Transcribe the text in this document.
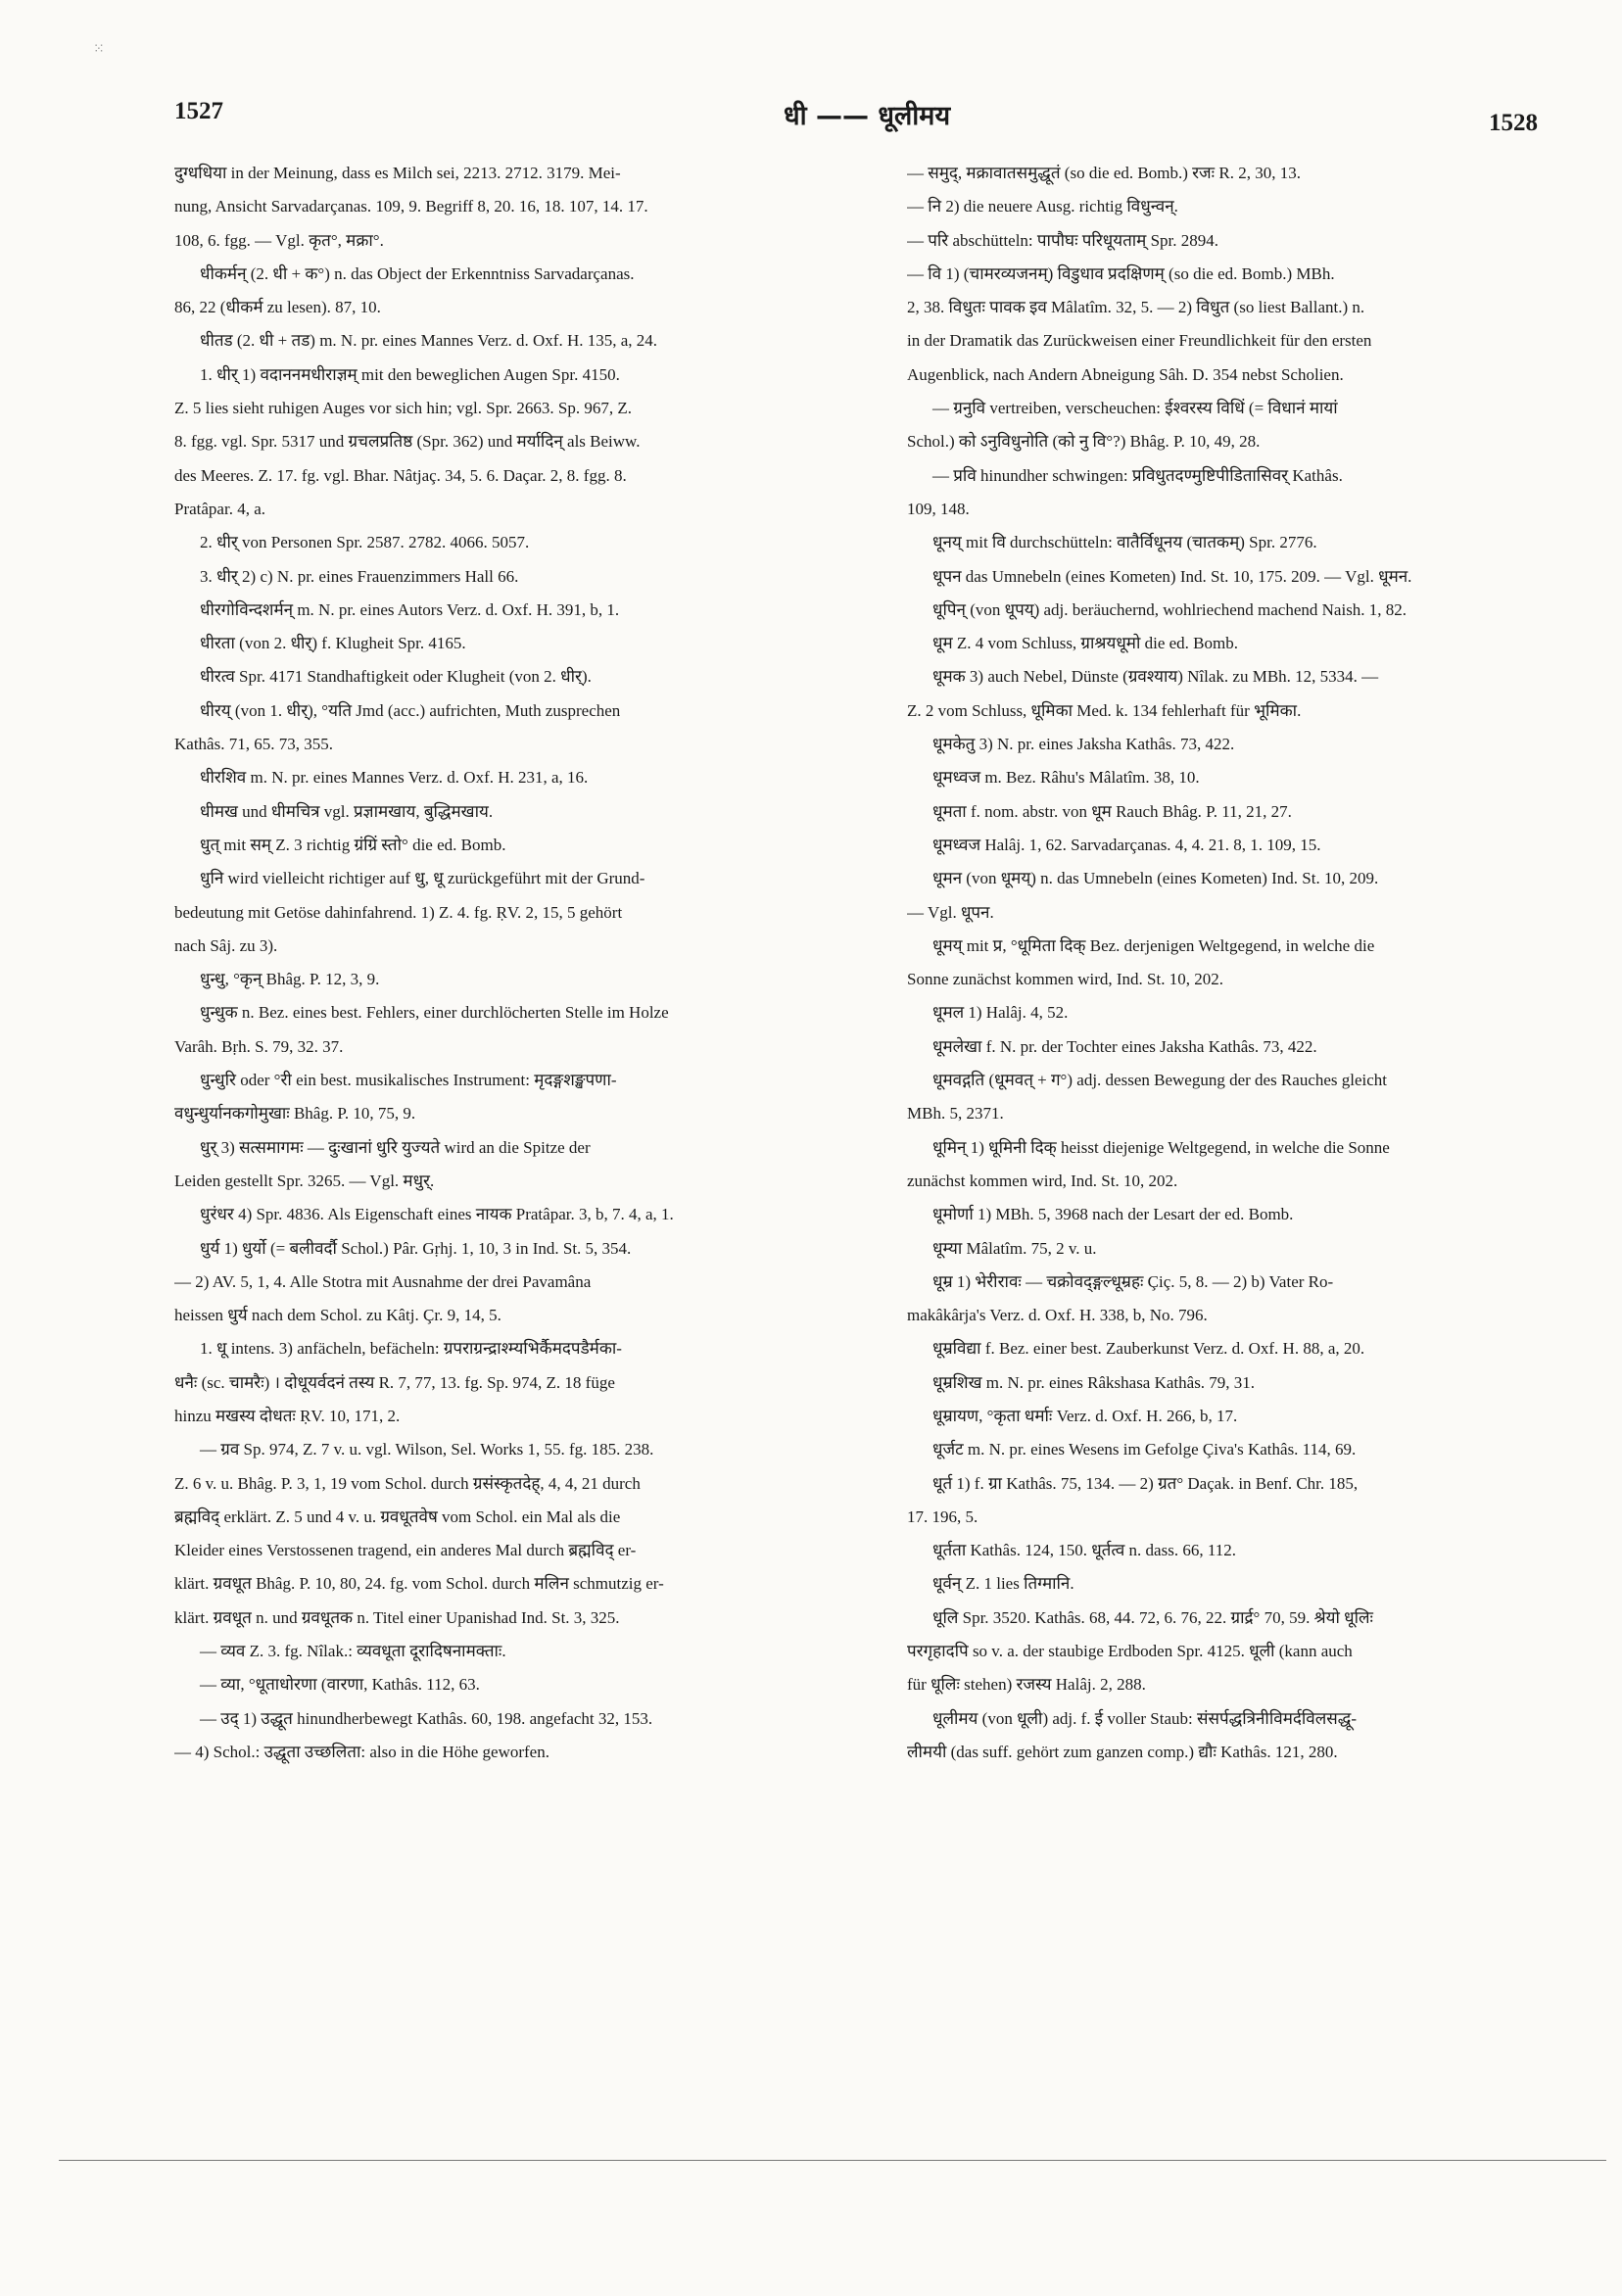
⁙
1527	धी —— धूलीमय	1528
दुग्धधिया in der Meinung, dass es Milch sei, 2213. 2712. 3179. Mei-
nung, Ansicht Sarvadarçanas. 109, 9. Begriff 8, 20. 16, 18. 107, 14. 17.
108, 6. fgg. — Vgl. कृत°, मक्रा°.
धीकर्मन् (2. धी + क°) n. das Object der Erkenntniss Sarvadarçanas.
86, 22 (धीकर्म zu lesen). 87, 10.
धीतड (2. धी + तड) m. N. pr. eines Mannes Verz. d. Oxf. H. 135, a, 24.
1. धीर् 1) वदाननमधीराज्ञम् mit den beweglichen Augen Spr. 4150.
Z. 5 lies sieht ruhigen Auges vor sich hin; vgl. Spr. 2663. Sp. 967, Z.
8. fgg. vgl. Spr. 5317 und ग्रचलप्रतिष्ठ (Spr. 362) und मर्यादिन् als Beiww.
des Meeres. Z. 17. fg. vgl. Bhar. Nâtjaç. 34, 5. 6. Daçar. 2, 8. fgg. 8.
Pratâpar. 4, a.
2. धीर् von Personen Spr. 2587. 2782. 4066. 5057.
3. धीर् 2) c) N. pr. eines Frauenzimmers Hall 66.
धीरगोविन्दशर्मन् m. N. pr. eines Autors Verz. d. Oxf. H. 391, b, 1.
धीरता (von 2. धीर्) f. Klugheit Spr. 4165.
धीरत्व Spr. 4171 Standhaftigkeit oder Klugheit (von 2. धीर्).
धीरय् (von 1. धीर्), °यति Jmd (acc.) aufrichten, Muth zusprechen
Kathâs. 71, 65. 73, 355.
धीरशिव m. N. pr. eines Mannes Verz. d. Oxf. H. 231, a, 16.
धीमख und धीमचित्र vgl. प्रज्ञामखाय, बुद्धिमखाय.
धुत् mit सम् Z. 3 richtig ग्रंग्रिं स्तो° die ed. Bomb.
धुनि wird vielleicht richtiger auf धु, धू zurückgeführt mit der Grund-
bedeutung mit Getöse dahinfahrend. 1) Z. 4. fg. ṚV. 2, 15, 5 gehört
nach Sâj. zu 3).
धुन्धु, °कृन् Bhâg. P. 12, 3, 9.
धुन्धुक n. Bez. eines best. Fehlers, einer durchlöcherten Stelle im Holze
Varâh. Bṛh. S. 79, 32. 37.
धुन्धुरि oder °री ein best. musikalisches Instrument: मृदङ्गशङ्खपणा-
वधुन्धुर्यानकगोमुखाः Bhâg. P. 10, 75, 9.
धुर् 3) सत्समागमः — दुःखानां धुरि युज्यते wird an die Spitze der
Leiden gestellt Spr. 3265. — Vgl. मधुर्.
धुरंधर 4) Spr. 4836. Als Eigenschaft eines नायक Pratâpar. 3, b, 7. 4, a, 1.
धुर्य 1) धुर्यो (= बलीवर्दौ Schol.) Pâr. Gṛhj. 1, 10, 3 in Ind. St. 5, 354.
— 2) AV. 5, 1, 4. Alle Stotra mit Ausnahme der drei Pavamâna
heissen धुर्य nach dem Schol. zu Kâtj. Çr. 9, 14, 5.
1. धू intens. 3) anfächeln, befächeln: ग्रपराग्रन्द्राश्म्यभिर्कैमदपडैर्मका-
धनैः (sc. चामरैः) । दोधूयर्वदनं तस्य R. 7, 77, 13. fg. Sp. 974, Z. 18 füge
hinzu मखस्य दोधतः ṚV. 10, 171, 2.
— ग्रव Sp. 974, Z. 7 v. u. vgl. Wilson, Sel. Works 1, 55. fg. 185. 238.
Z. 6 v. u. Bhâg. P. 3, 1, 19 vom Schol. durch ग्रसंस्कृतदेह्, 4, 4, 21 durch
ब्रह्मविद् erklärt. Z. 5 und 4 v. u. ग्रवधूतवेष vom Schol. ein Mal als die
Kleider eines Verstossenen tragend, ein anderes Mal durch ब्रह्मविद् er-
klärt. ग्रवधूत Bhâg. P. 10, 80, 24. fg. vom Schol. durch मलिन schmutzig er-
klärt. ग्रवधूत n. und ग्रवधूतक n. Titel einer Upanishad Ind. St. 3, 325.
— व्यव Z. 3. fg. Nîlak.: व्यवधूता दूरादिषनामक्ताः.
— व्या, °धूताधोरणा (वारणा, Kathâs. 112, 63.
— उद् 1) उद्धूत hinundherbewegt Kathâs. 60, 198. angefacht 32, 153.
— 4) Schol.: उद्धूता उच्छलिता: also in die Höhe geworfen.
— समुद्, मक्रावातसमुद्धूतं (so die ed. Bomb.) रजः R. 2, 30, 13.
— नि 2) die neuere Ausg. richtig विधुन्वन्.
— परि abschütteln: पापौघः परिधूयताम् Spr. 2894.
— वि 1) (चामरव्यजनम्) विडुधाव प्रदक्षिणम् (so die ed. Bomb.) MBh.
2, 38. विधुतः पावक इव Mâlatîm. 32, 5. — 2) विधुत (so liest Ballant.) n.
in der Dramatik das Zurückweisen einer Freundlichkeit für den ersten
Augenblick, nach Andern Abneigung Sâh. D. 354 nebst Scholien.
— ग्रनुवि vertreiben, verscheuchen: ईश्वरस्य विधिं (= विधानं मायां
Schol.) को ऽनुविधुनोति (को नु वि°?) Bhâg. P. 10, 49, 28.
— प्रवि hinundher schwingen: प्रविधुतदण्मुष्टिपीडितासिवर् Kathâs.
109, 148.
धूनय् mit वि durchschütteln: वातैर्विधूनय (चातकम्) Spr. 2776.
धूपन das Umnebeln (eines Kometen) Ind. St. 10, 175. 209. — Vgl. धूमन.
धूपिन् (von धूपय्) adj. beräuchernd, wohlriechend machend Naish. 1, 82.
धूम Z. 4 vom Schluss, ग्राश्रयधूमो die ed. Bomb.
धूमक 3) auch Nebel, Dünste (ग्रवश्याय) Nîlak. zu MBh. 12, 5334. —
Z. 2 vom Schluss, धूमिका Med. k. 134 fehlerhaft für भूमिका.
धूमकेतु 3) N. pr. eines Jaksha Kathâs. 73, 422.
धूमध्वज m. Bez. Râhu's Mâlatîm. 38, 10.
धूमता f. nom. abstr. von धूम Rauch Bhâg. P. 11, 21, 27.
धूमध्वज Halâj. 1, 62. Sarvadarçanas. 4, 4. 21. 8, 1. 109, 15.
धूमन (von धूमय्) n. das Umnebeln (eines Kometen) Ind. St. 10, 209.
— Vgl. धूपन.
धूमय् mit प्र, °धूमिता दिक् Bez. derjenigen Weltgegend, in welche die
Sonne zunächst kommen wird, Ind. St. 10, 202.
धूमल 1) Halâj. 4, 52.
धूमलेखा f. N. pr. der Tochter eines Jaksha Kathâs. 73, 422.
धूमवद्गति (धूमवत् + ग°) adj. dessen Bewegung der des Rauches gleicht
MBh. 5, 2371.
धूमिन् 1) धूमिनी दिक् heisst diejenige Weltgegend, in welche die Sonne
zunächst kommen wird, Ind. St. 10, 202.
धूमोर्णा 1) MBh. 5, 3968 nach der Lesart der ed. Bomb.
धूम्या Mâlatîm. 75, 2 v. u.
धूम्र 1) भेरीरावः — चक्रोवद्ङ्गल्धूम्रहः Çiç. 5, 8. — 2) b) Vater Ro-
makâkârja's Verz. d. Oxf. H. 338, b, No. 796.
धूम्रविद्या f. Bez. einer best. Zauberkunst Verz. d. Oxf. H. 88, a, 20.
धूम्रशिख m. N. pr. eines Râkshasa Kathâs. 79, 31.
धूम्रायण, °कृता धर्माः Verz. d. Oxf. H. 266, b, 17.
धूर्जट m. N. pr. eines Wesens im Gefolge Çiva's Kathâs. 114, 69.
धूर्त 1) f. ग्रा Kathâs. 75, 134. — 2) ग्रत° Daçak. in Benf. Chr. 185,
17. 196, 5.
धूर्तता Kathâs. 124, 150. धूर्तत्व n. dass. 66, 112.
धूर्वन् Z. 1 lies तिग्मानि.
धूलि Spr. 3520. Kathâs. 68, 44. 72, 6. 76, 22. ग्रार्द्र° 70, 59. श्रेयो धूलिः
परगृहादपि so v. a. der staubige Erdboden Spr. 4125. धूली (kann auch
für धूलिः stehen) रजस्य Halâj. 2, 288.
धूलीमय (von धूली) adj. f. ई voller Staub: संसर्पद्धत्रिनीविमर्दविलसद्धू-
लीमयी (das suff. gehört zum ganzen comp.) द्यौः Kathâs. 121, 280.
